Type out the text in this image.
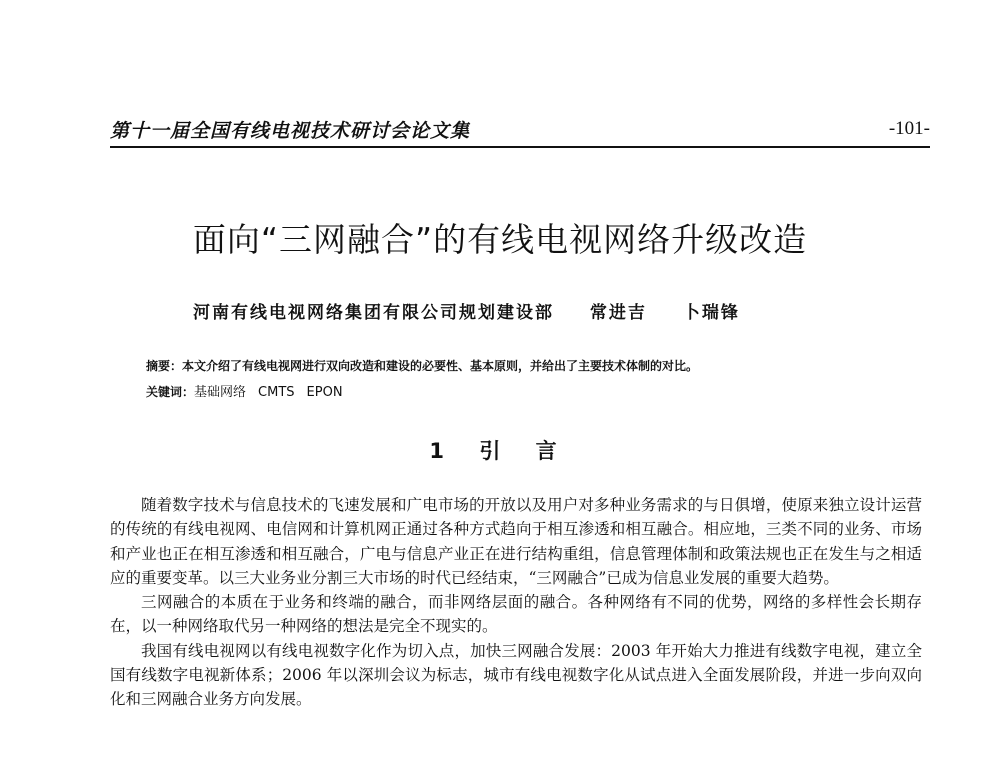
第十一届全国有线电视技术研讨会论文集	-101-
面向“三网融合”的有线电视网络升级改造
河南有线电视网络集团有限公司规划建设部 常进吉 卜瑞锋
摘要：本文介绍了有线电视网进行双向改造和建设的必要性、基本原则，并给出了主要技术体制的对比。
关键词：基础网络 CMTS EPON
1 引 言

随着数字技术与信息技术的飞速发展和广电市场的开放以及用户对多种业务需求的与日俱增，使原来独立设计运营的传统的有线电视网、电信网和计算机网正通过各种方式趋向于相互渗透和相互融合。相应地，三类不同的业务、市场和产业也正在相互渗透和相互融合，广电与信息产业正在进行结构重组，信息管理体制和政策法规也正在发生与之相适应的重要变革。以三大业务业分割三大市场的时代已经结束，“三网融合”已成为信息业发展的重要大趋势。

三网融合的本质在于业务和终端的融合，而非网络层面的融合。各种网络有不同的优势，网络的多样性会长期存在，以一种网络取代另一种网络的想法是完全不现实的。

我国有线电视网以有线电视数字化作为切入点，加快三网融合发展：2003 年开始大力推进有线数字电视，建立全国有线数字电视新体系；2006 年以深圳会议为标志，城市有线电视数字化从试点进入全面发展阶段，并进一步向双向化和三网融合业务方向发展。
